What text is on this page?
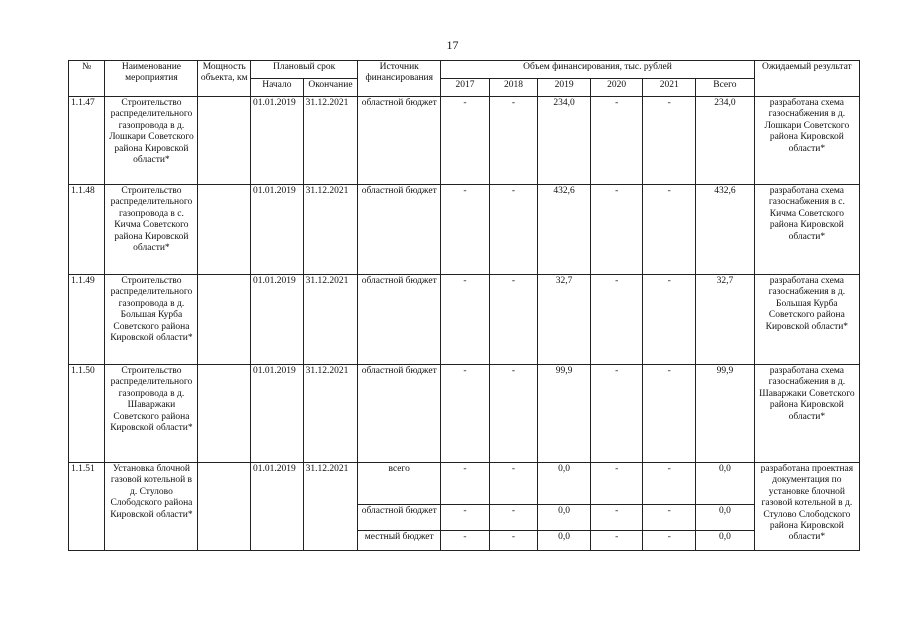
17
№	Наименование мероприятия	Мощность объекта, км	Плановый срок		Источник финансирования	Объем финансирования, тыс. рублей						Ожидаемый результат
			Начало	Окончание		2017	2018	2019	2020	2021	Всего	
1.1.47	Строительство распределительного газопровода в д. Лошкари Советского района Кировской области*		01.01.2019	31.12.2021	областной бюджет	-	-	234,0	-	-	234,0	разработана схема газоснабжения в д. Лошкари Советского района Кировской области*
1.1.48	Строительство распределительного газопровода в с. Кичма Советского района Кировской области*		01.01.2019	31.12.2021	областной бюджет	-	-	432,6	-	-	432,6	разработана схема газоснабжения в с. Кичма Советского района Кировской области*
1.1.49	Строительство распределительного газопровода в д. Большая Курба Советского района Кировской области*		01.01.2019	31.12.2021	областной бюджет	-	-	32,7	-	-	32,7	разработана схема газоснабжения в д. Большая Курба Советского района Кировской области*
1.1.50	Строительство распределительного газопровода в д. Шаваржаки Советского района Кировской области*		01.01.2019	31.12.2021	областной бюджет	-	-	99,9	-	-	99,9	разработана схема газоснабжения в д. Шаваржаки Советского района Кировской области*
1.1.51	Установка блочной газовой котельной в д. Стулово Слободского района Кировской области*		01.01.2019	31.12.2021	всего	-	-	0,0	-	-	0,0	разработана проектная документация по установке блочной газовой котельной в д. Стулово Слободского района Кировской области*
					областной бюджет	-	-	0,0	-	-	0,0	
					местный бюджет	-	-	0,0	-	-	0,0	
